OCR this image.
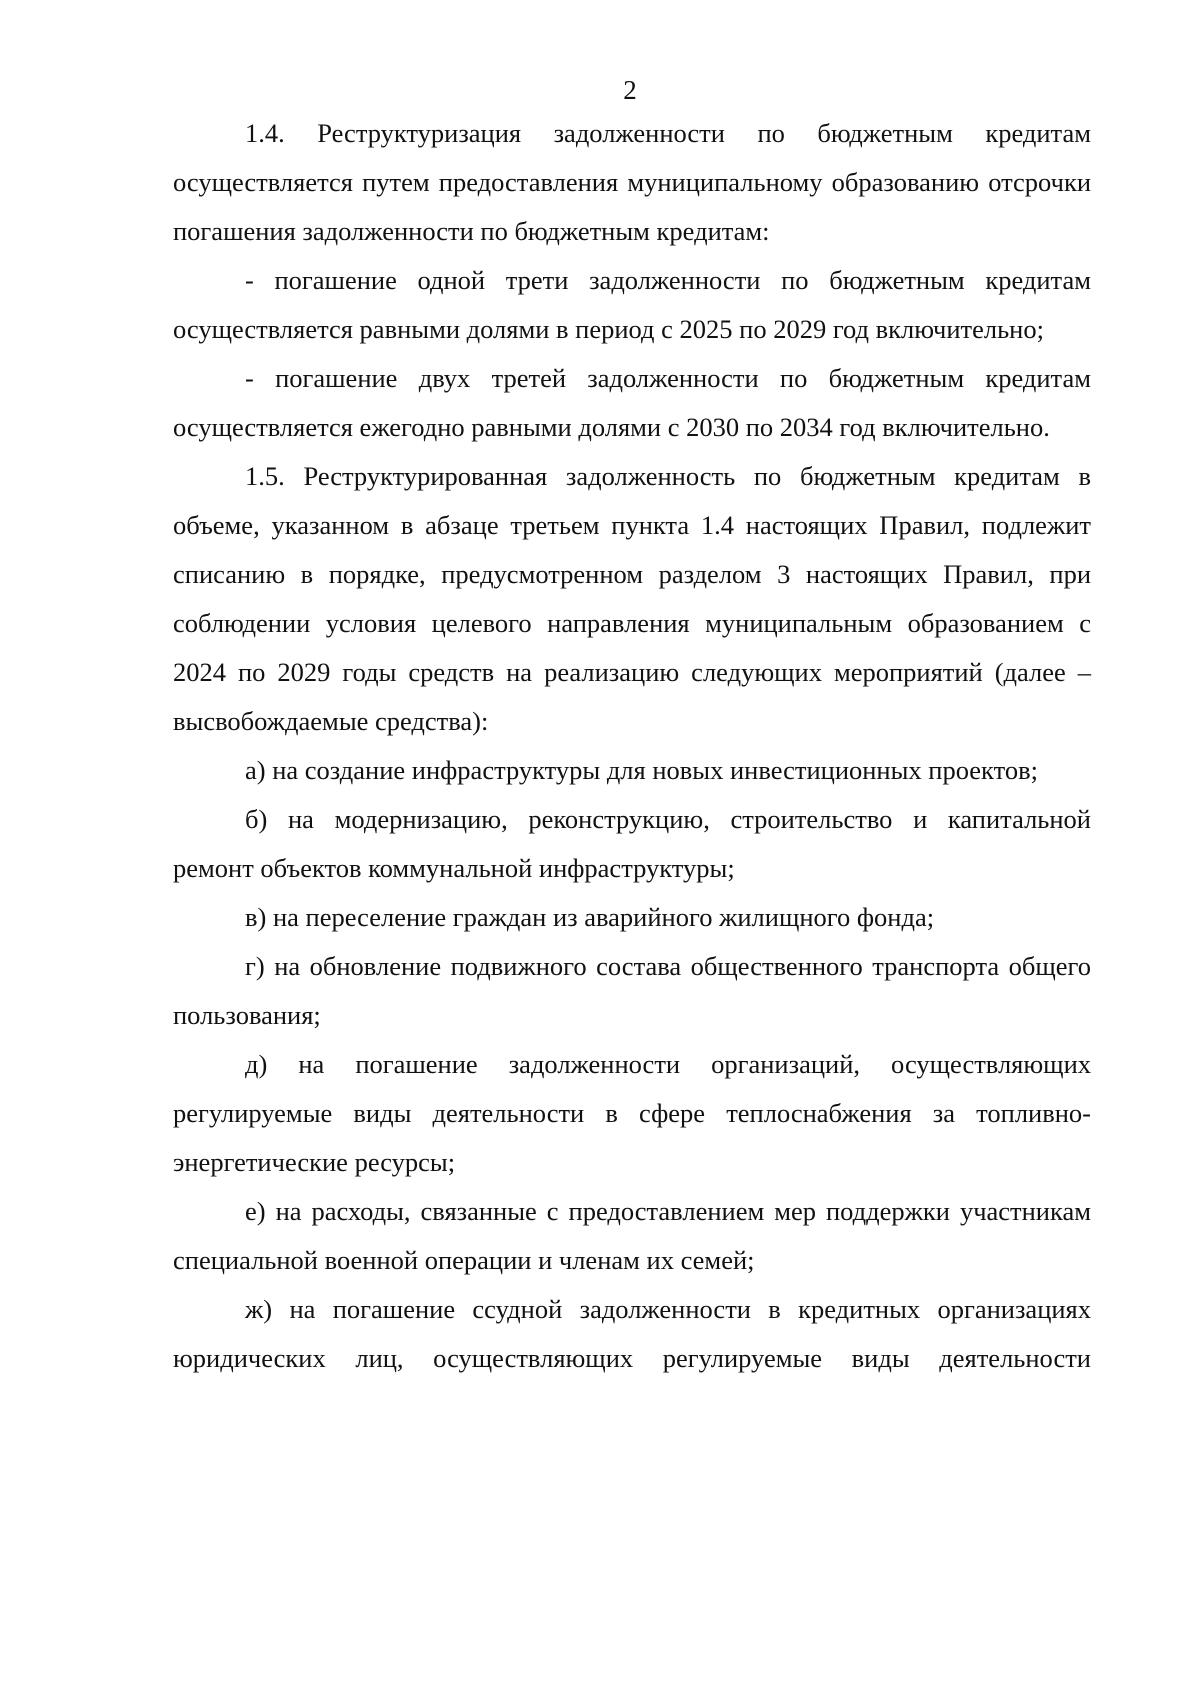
2

1.4. Реструктуризация задолженности по бюджетным кредитам осуществляется путем предоставления муниципальному образованию отсрочки погашения задолженности по бюджетным кредитам:

- погашение одной трети задолженности по бюджетным кредитам осуществляется равными долями в период с 2025 по 2029 год включительно;

- погашение двух третей задолженности по бюджетным кредитам осуществляется ежегодно равными долями с 2030 по 2034 год включительно.

1.5. Реструктурированная задолженность по бюджетным кредитам в объеме, указанном в абзаце третьем пункта 1.4 настоящих Правил, подлежит списанию в порядке, предусмотренном разделом 3 настоящих Правил, при соблюдении условия целевого направления муниципальным образованием с 2024 по 2029 годы средств на реализацию следующих мероприятий (далее – высвобождаемые средства):

а) на создание инфраструктуры для новых инвестиционных проектов;

б) на модернизацию, реконструкцию, строительство и капитальной ремонт объектов коммунальной инфраструктуры;

в) на переселение граждан из аварийного жилищного фонда;

г) на обновление подвижного состава общественного транспорта общего пользования;

д) на погашение задолженности организаций, осуществляющих регулируемые виды деятельности в сфере теплоснабжения за топливно-энергетические ресурсы;

е) на расходы, связанные с предоставлением мер поддержки участникам специальной военной операции и членам их семей;

ж) на погашение ссудной задолженности в кредитных организациях юридических лиц, осуществляющих регулируемые виды деятельности
